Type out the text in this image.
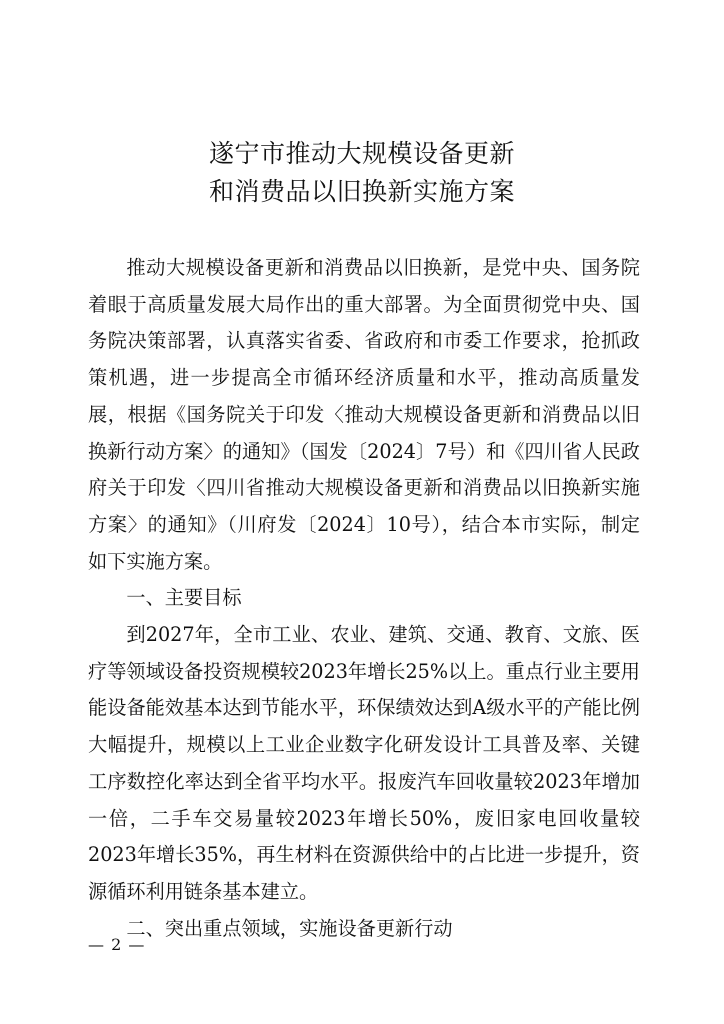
遂宁市推动大规模设备更新
和消费品以旧换新实施方案

推动大规模设备更新和消费品以旧换新，是党中央、国务院着眼于高质量发展大局作出的重大部署。为全面贯彻党中央、国务院决策部署，认真落实省委、省政府和市委工作要求，抢抓政策机遇，进一步提高全市循环经济质量和水平，推动高质量发展，根据《国务院关于印发〈推动大规模设备更新和消费品以旧换新行动方案〉的通知》（国发〔2024〕7号）和《四川省人民政府关于印发〈四川省推动大规模设备更新和消费品以旧换新实施方案〉的通知》（川府发〔2024〕10号），结合本市实际，制定如下实施方案。

一、主要目标

到2027年，全市工业、农业、建筑、交通、教育、文旅、医疗等领域设备投资规模较2023年增长25%以上。重点行业主要用能设备能效基本达到节能水平，环保绩效达到A级水平的产能比例大幅提升，规模以上工业企业数字化研发设计工具普及率、关键工序数控化率达到全省平均水平。报废汽车回收量较2023年增加一倍，二手车交易量较2023年增长50%，废旧家电回收量较2023年增长35%，再生材料在资源供给中的占比进一步提升，资源循环利用链条基本建立。

二、突出重点领域，实施设备更新行动

— 2 —
